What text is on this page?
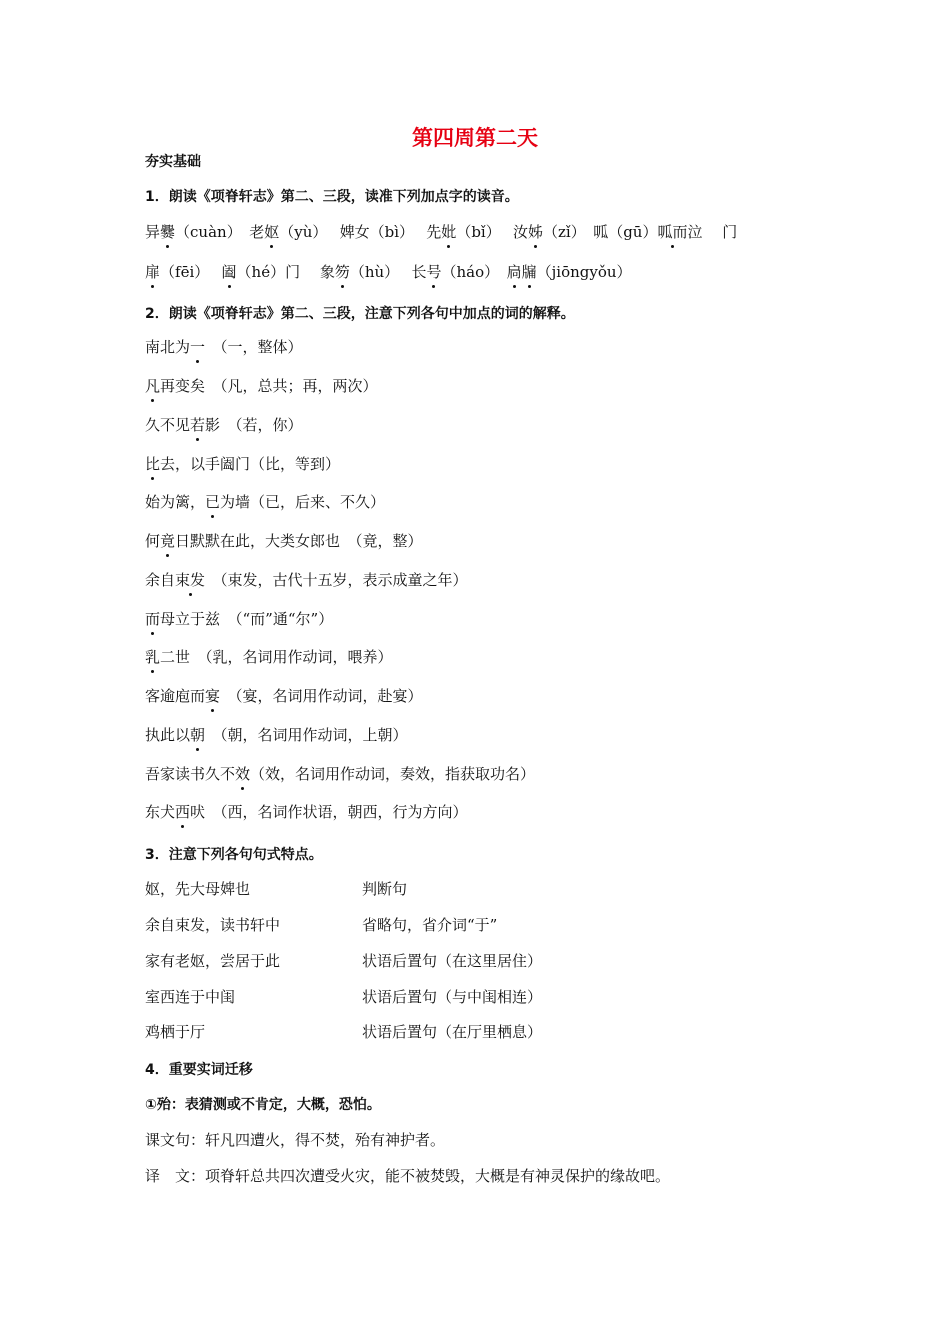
第四周第二天
夯实基础
1．朗读《项脊轩志》第二、三段，读准下列加点字的读音。
异爨（cuàn）　老妪（yù）　 婢女（bì）　 先妣（bǐ）　 汝姊（zǐ）　呱（gū）呱而泣　 门
扉（fēi）　 阖（hé）门　 象笏（hù）　 长号（háo）　扃牖（jiōngyǒu）
2．朗读《项脊轩志》第二、三段，注意下列各句中加点的词的解释。
南北为一　（一，整体）
凡再变矣　（凡，总共；再，两次）
久不见若影　（若，你）
比去，以手阖门（比，等到）
始为篱，已为墙（已，后来、不久）
何竟日默默在此，大类女郎也　（竟，整）
余自束发　（束发，古代十五岁，表示成童之年）
而母立于兹　（“而”通“尔”）
乳二世　（乳，名词用作动词，喂养）
客逾庖而宴　（宴，名词用作动词，赴宴）
执此以朝　（朝，名词用作动词，上朝）
吾家读书久不效（效，名词用作动词，奏效，指获取功名）
东犬西吠　（西，名词作状语，朝西，行为方向）
3．注意下列各句句式特点。
妪，先大母婢也	判断句
余自束发，读书轩中	省略句，省介词“于”
家有老妪，尝居于此	状语后置句（在这里居住）
室西连于中闺	状语后置句（与中闺相连）
鸡栖于厅	状语后置句（在厅里栖息）
4．重要实词迁移
①殆：表猜测或不肯定，大概，恐怕。
课文句：轩凡四遭火，得不焚，殆有神护者。
译　文：项脊轩总共四次遭受火灾，能不被焚毁，大概是有神灵保护的缘故吧。
